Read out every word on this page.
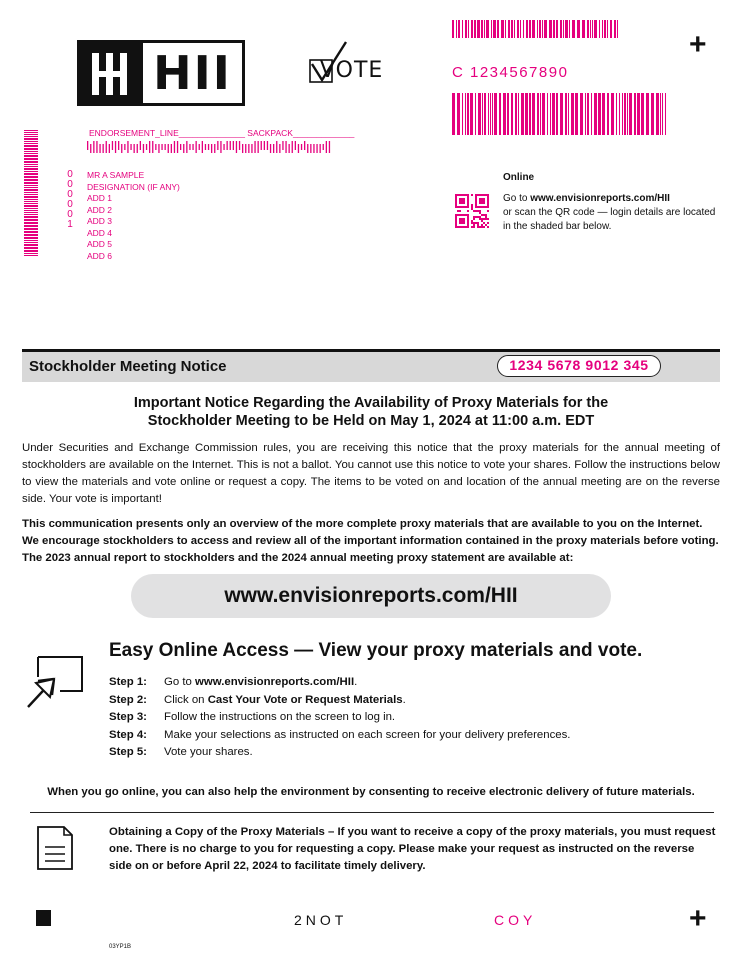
HII	VOTE
+
C 1234567890
ENDORSEMENT_LINE______________ SACKPACK_____________
0
0
0
0
0
1
MR A SAMPLE
DESIGNATION (IF ANY)
ADD 1
ADD 2
ADD 3
ADD 4
ADD 5
ADD 6
Online
Go to www.envisionreports.com/HII
or scan the QR code — login details are located
in the shaded bar below.
Stockholder Meeting Notice	1234 5678 9012 345
Important Notice Regarding the Availability of Proxy Materials for the
Stockholder Meeting to be Held on May 1, 2024 at 11:00 a.m. EDT
Under Securities and Exchange Commission rules, you are receiving this notice that the proxy materials for the annual meeting of stockholders are available on the Internet. This is not a ballot. You cannot use this notice to vote your shares. Follow the instructions below to view the materials and vote online or request a copy. The items to be voted on and location of the annual meeting are on the reverse side. Your vote is important!
This communication presents only an overview of the more complete proxy materials that are available to you on the Internet. We encourage stockholders to access and review all of the important information contained in the proxy materials before voting. The 2023 annual report to stockholders and the 2024 annual meeting proxy statement are available at:
www.envisionreports.com/HII
Easy Online Access — View your proxy materials and vote.
Step 1:	Go to www.envisionreports.com/HII.
Step 2:	Click on Cast Your Vote or Request Materials.
Step 3:	Follow the instructions on the screen to log in.
Step 4:	Make your selections as instructed on each screen for your delivery preferences.
Step 5:	Vote your shares.
When you go online, you can also help the environment by consenting to receive electronic delivery of future materials.
Obtaining a Copy of the Proxy Materials – If you want to receive a copy of the proxy materials, you must request one. There is no charge to you for requesting a copy. Please make your request as instructed on the reverse side on or before April 22, 2024 to facilitate timely delivery.
2NOT	COY	+
03YP1B
